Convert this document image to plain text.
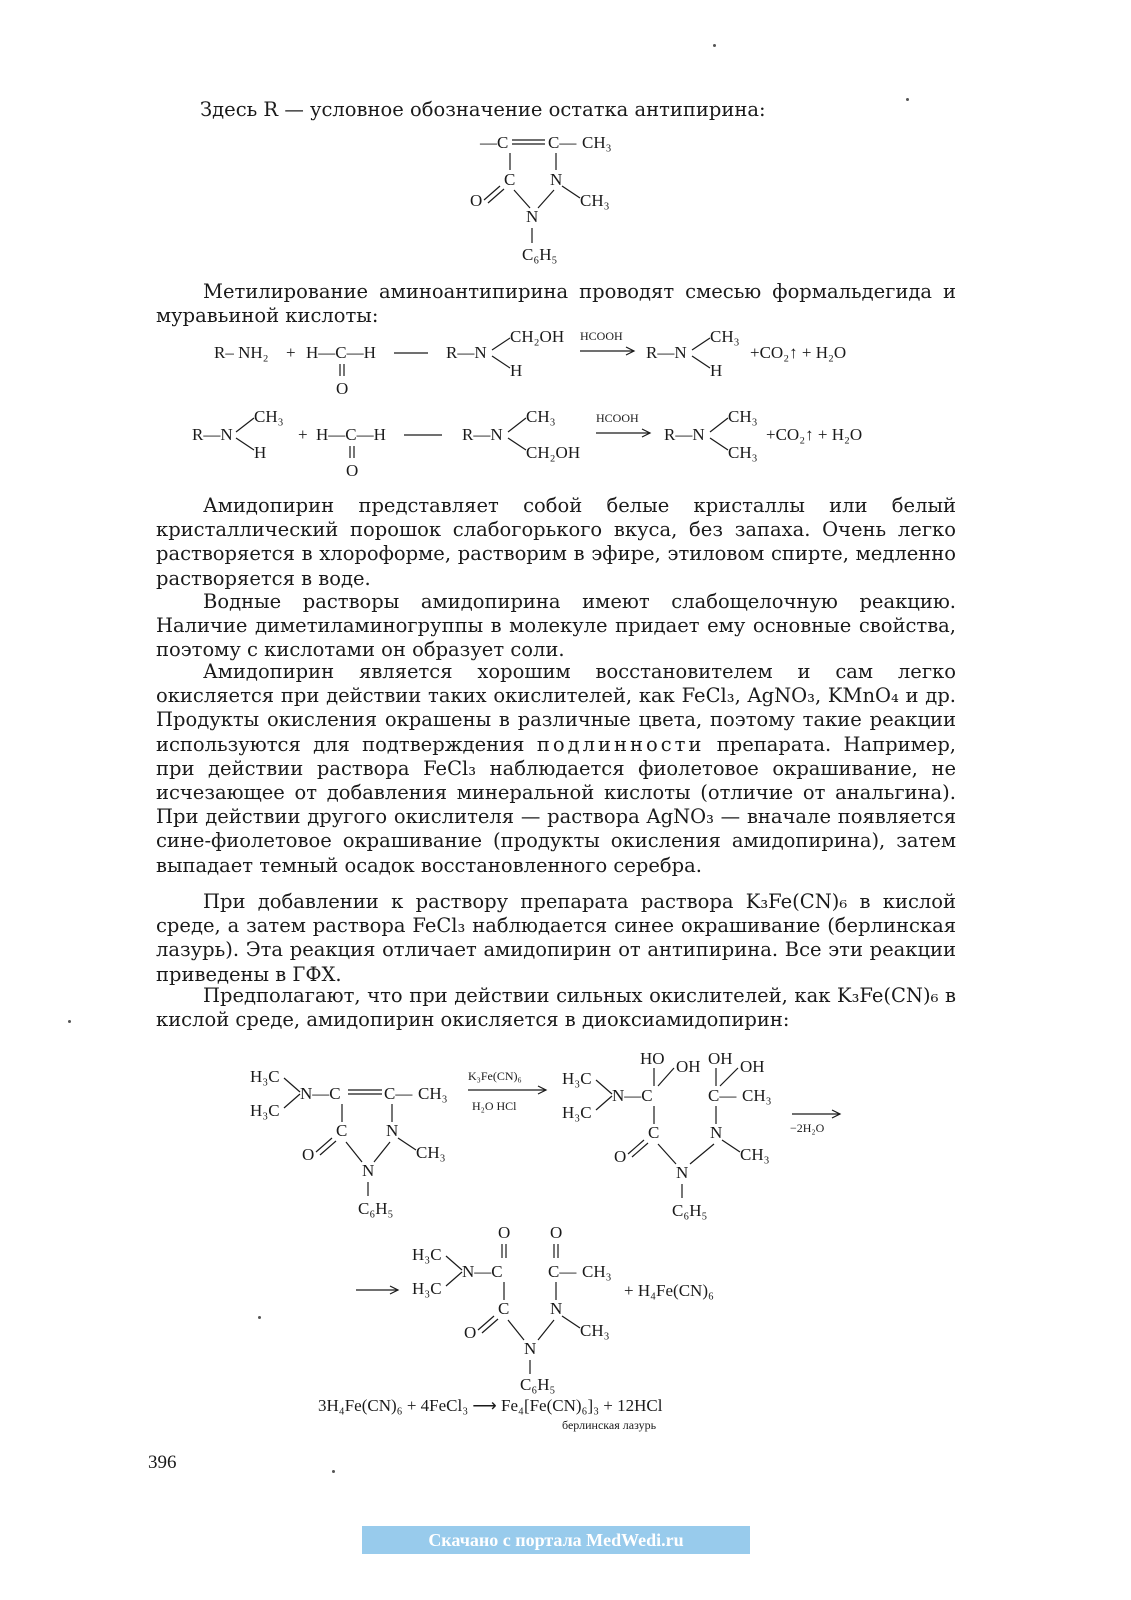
Здесь R — условное обозначение остатка антипирина:

—C C— CH₃
C N
O	CH₃
N
C₆H₅

Метилирование аминоантипирина проводят смесью формальдегида и муравьиной кислоты:

R– NH₂ + H—C—H
O
R—N
CH₂OH
H
HCOOH
R—N
CH₃
H
+CO₂↑ + H₂O
R—N
CH₃
H
+ H—C—H
O
R—N
CH₃
CH₂OH
HCOOH
R—N
CH₃
CH₃
+CO₂↑ + H₂O

Амидопирин представляет собой белые кристаллы или белый кристаллический порошок слабогорького вкуса, без запаха. Очень легко растворяется в хлороформе, растворим в эфире, этиловом спирте, медленно растворяется в воде.

Водные растворы амидопирина имеют слабощелочную реакцию. Наличие диметиламиногруппы в молекуле придает ему основные свойства, поэтому с кислотами он образует соли.

Амидопирин является хорошим восстановителем и сам легко окисляется при действии таких окислителей, как FeCl₃, AgNO₃, KMnO₄ и др. Продукты окисления окрашены в различные цвета, поэтому такие реакции используются для подтверждения подлинности препарата. Например, при действии раствора FeCl₃ наблюдается фиолетовое окрашивание, не исчезающее от добавления минеральной кислоты (отличие от анальгина). При действии другого окислителя — раствора AgNO₃ — вначале появляется сине-фиолетовое окрашивание (продукты окисления амидопирина), затем выпадает темный осадок восстановленного серебра.

При добавлении к раствору препарата раствора K₃Fe(CN)₆ в кислой среде, а затем раствора FeCl₃ наблюдается синее окрашивание (берлинская лазурь). Эта реакция отличает амидопирин от антипирина. Все эти реакции приведены в ГФХ.

Предполагают, что при действии сильных окислителей, как K₃Fe(CN)₆ в кислой среде, амидопирин окисляется в диоксиамидопирин:

H₃C
H₃C
N—C	C— CH₃
C N
O	CH₃
N
C₆H₅
K₃Fe(CN)₆
H₂O HCl
HO OH OH OH
H₃C
H₃C
N—C	C— CH₃
C	N
O	CH₃
N
C₆H₅
−2H₂O
O O
H₃C
H₃C
N—C	C— CH₃
C N
O	CH₃
N
C₆H₅
+ H₄Fe(CN)₆
3H₄Fe(CN)₆ + 4FeCl₃ ⟶ Fe₄[Fe(CN)₆]₃ + 12HCl
берлинская лазурь
396
Скачано с портала MedWedi.ru
